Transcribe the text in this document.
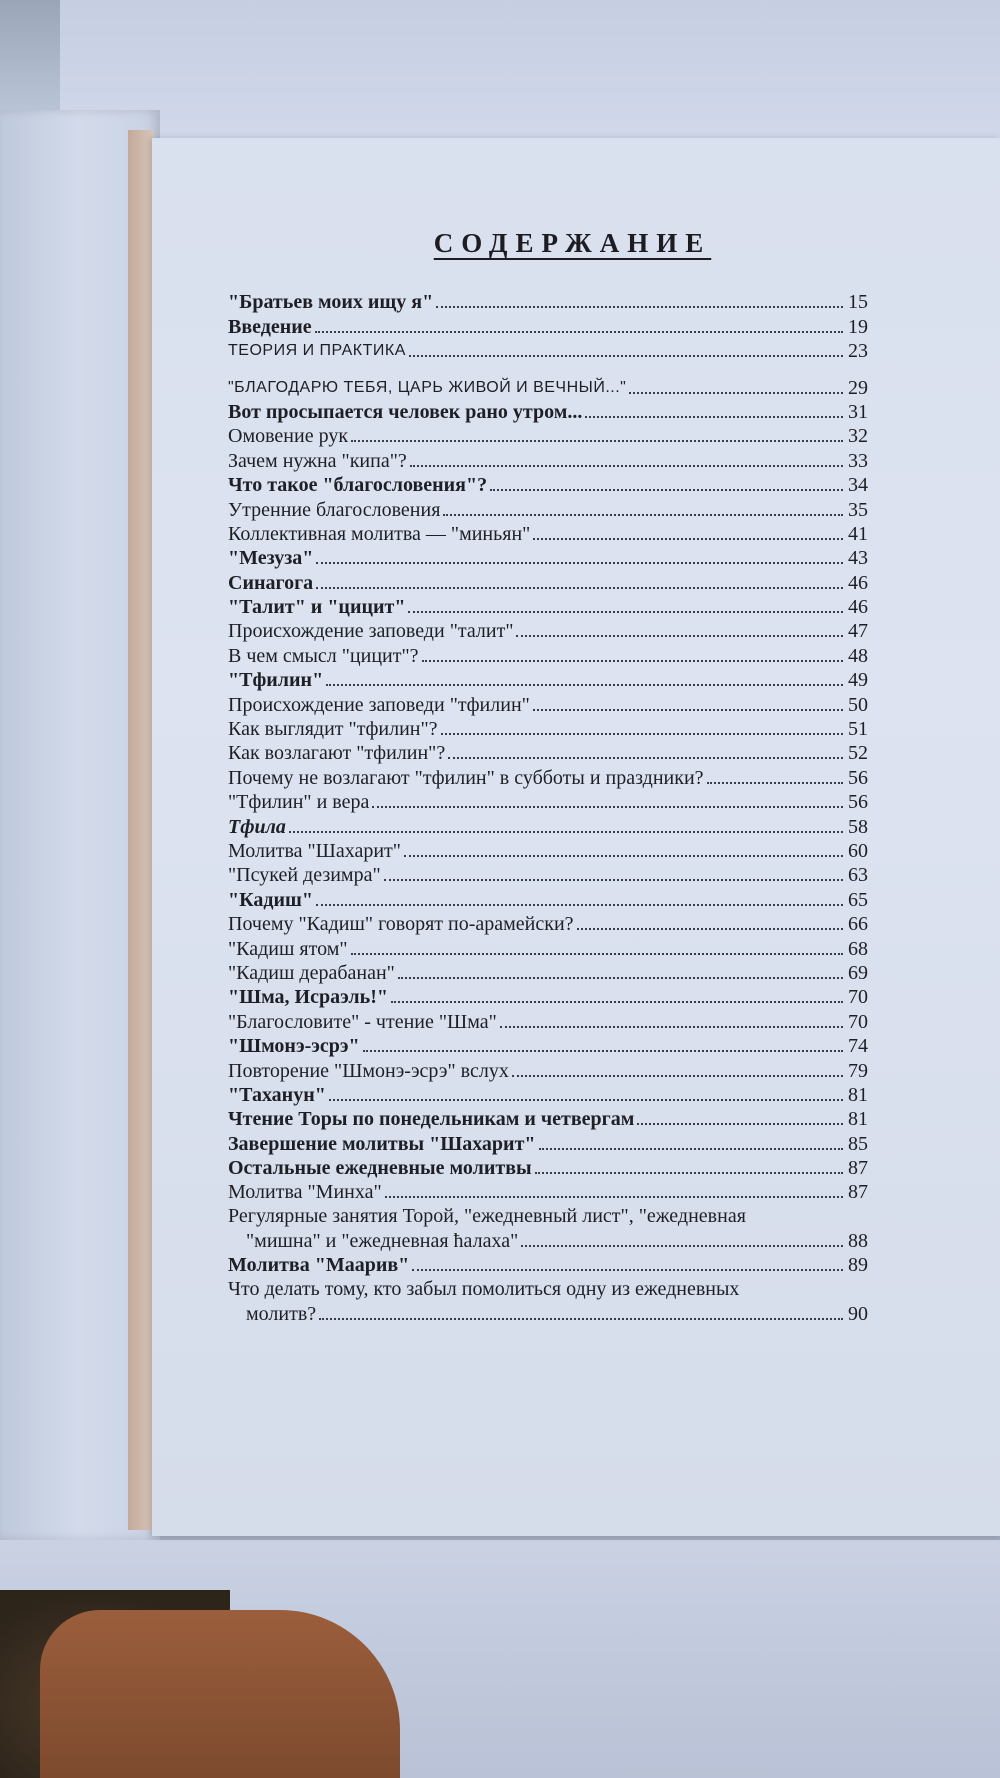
СОДЕРЖАНИЕ
"Братьев моих ищу я"	15
Введение	19
ТЕОРИЯ И ПРАКТИКА	23
"БЛАГОДАРЮ ТЕБЯ, ЦАРЬ ЖИВОЙ И ВЕЧНЫЙ..."	29
Вот просыпается человек рано утром...	31
Омовение рук	32
Зачем нужна "кипа"?	33
Что такое "благословения"?	34
Утренние благословения	35
Коллективная молитва — "миньян"	41
"Мезуза"	43
Синагога	46
"Талит" и "цицит"	46
Происхождение заповеди "талит"	47
В чем смысл "цицит"?	48
"Тфилин"	49
Происхождение заповеди "тфилин"	50
Как выглядит "тфилин"?	51
Как возлагают "тфилин"?	52
Почему не возлагают "тфилин" в субботы и праздники?	56
"Тфилин" и вера	56
Тфила	58
Молитва "Шахарит"	60
"Псукей дезимра"	63
"Кадиш"	65
Почему "Кадиш" говорят по-арамейски?	66
"Кадиш ятом"	68
"Кадиш дерабанан"	69
"Шма, Исраэль!"	70
"Благословите" - чтение "Шма"	70
"Шмонэ-эсрэ"	74
Повторение "Шмонэ-эсрэ" вслух	79
"Таханун"	81
Чтение Торы по понедельникам и четвергам	81
Завершение молитвы "Шахарит"	85
Остальные ежедневные молитвы	87
Молитва "Минха"	87
Регулярные занятия Торой, "ежедневный лист", "ежедневная
"мишна" и "ежедневная ћалаха"	88
Молитва "Маарив"	89
Что делать тому, кто забыл помолиться одну из ежедневных
молитв?	90
